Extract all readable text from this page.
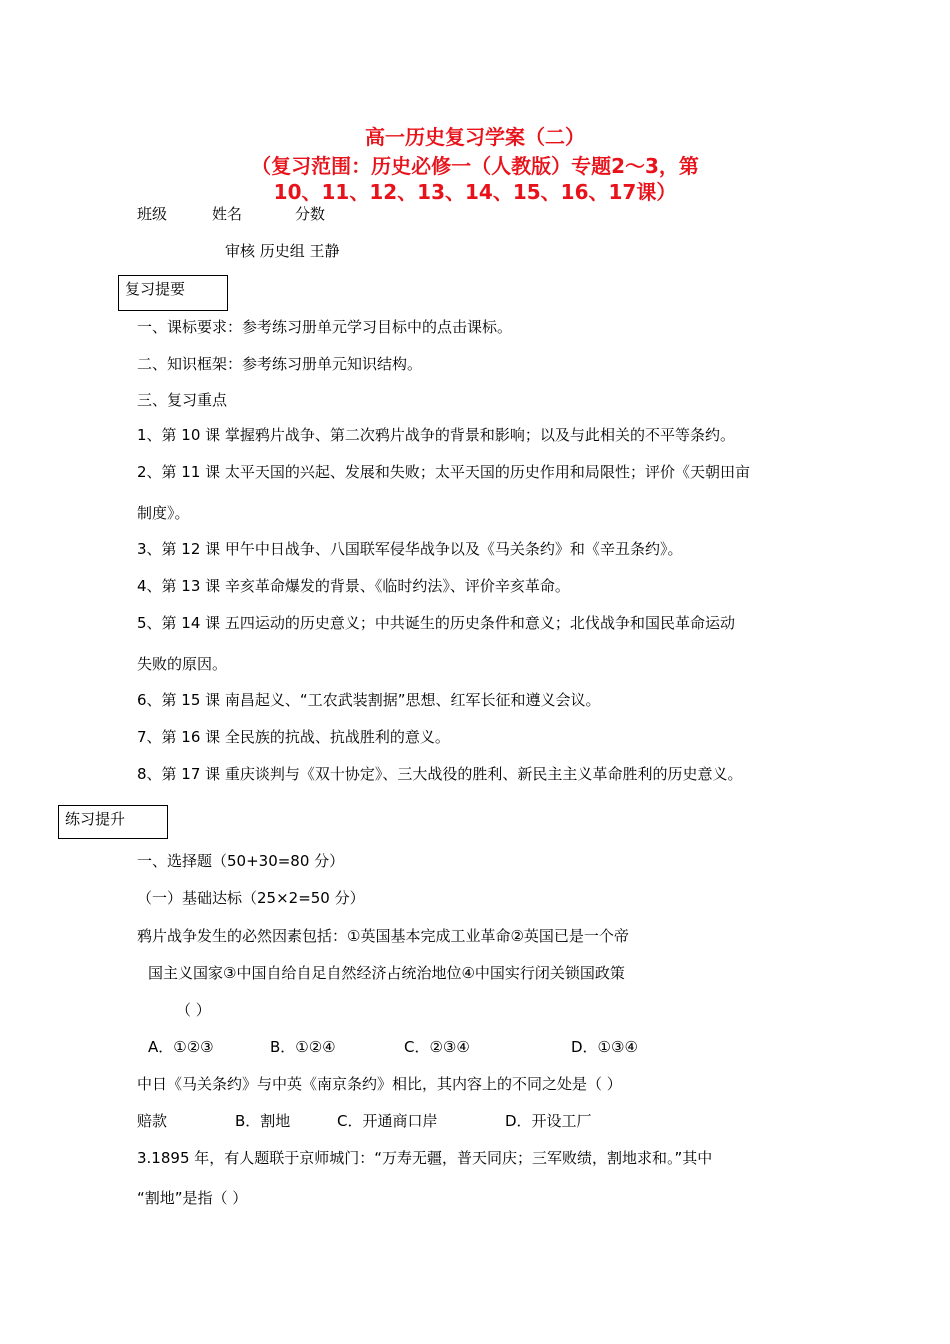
高一历史复习学案（二）
（复习范围：历史必修一（人教版）专题2～3，第
10、11、12、13、14、15、16、17课）
班级	姓名	分数
审核 历史组 王静
复习提要
一、课标要求：参考练习册单元学习目标中的点击课标。
二、知识框架：参考练习册单元知识结构。
三、复习重点
1、第 10 课 掌握鸦片战争、第二次鸦片战争的背景和影响；以及与此相关的不平等条约。
2、第 11 课 太平天国的兴起、发展和失败；太平天国的历史作用和局限性；评价《天朝田亩
制度》。
3、第 12 课 甲午中日战争、八国联军侵华战争以及《马关条约》和《辛丑条约》。
4、第 13 课 辛亥革命爆发的背景、《临时约法》、评价辛亥革命。
5、第 14 课 五四运动的历史意义；中共诞生的历史条件和意义；北伐战争和国民革命运动
失败的原因。
6、第 15 课 南昌起义、“工农武装割据”思想、红军长征和遵义会议。
7、第 16 课 全民族的抗战、抗战胜利的意义。
8、第 17 课 重庆谈判与《双十协定》、三大战役的胜利、新民主主义革命胜利的历史意义。
练习提升
一、选择题（50+30=80 分）
（一）基础达标（25×2=50 分）
鸦片战争发生的必然因素包括：①英国基本完成工业革命②英国已是一个帝
国主义国家③中国自给自足自然经济占统治地位④中国实行闭关锁国政策
（ ）
A．①②③	B．①②④	C．②③④	D．①③④
中日《马关条约》与中英《南京条约》相比，其内容上的不同之处是（ ）
赔款	B．割地	C．开通商口岸	D．开设工厂
3.1895 年，有人题联于京师城门：“万寿无疆，普天同庆；三军败绩，割地求和。”其中
“割地”是指（ ）
